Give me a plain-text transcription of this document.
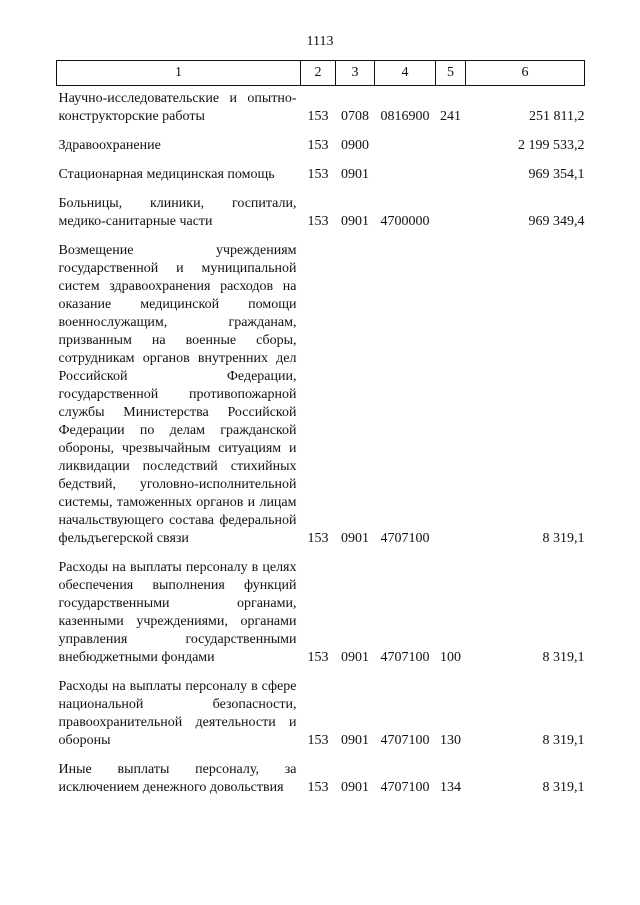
1113
1	2	3	4	5	6
Научно-исследовательские и опытно-конструкторские работы	153	0708	0816900	241	251 811,2
Здравоохранение	153	0900			2 199 533,2
Стационарная медицинская помощь	153	0901			969 354,1
Больницы, клиники, госпитали, медико-санитарные части	153	0901	4700000		969 349,4
Возмещение учреждениям государственной и муниципальной систем здравоохранения расходов на оказание медицинской помощи военнослужащим, гражданам, призванным на военные сборы, сотрудникам органов внутренних дел Российской Федерации, государственной противопожарной службы Министерства Российской Федерации по делам гражданской обороны, чрезвычайным ситуациям и ликвидации последствий стихийных бедствий, уголовно-исполнительной системы, таможенных органов и лицам начальствующего состава федеральной фельдъегерской связи	153	0901	4707100		8 319,1
Расходы на выплаты персоналу в целях обеспечения выполнения функций государственными органами, казенными учреждениями, органами управления государственными внебюджетными фондами	153	0901	4707100	100	8 319,1
Расходы на выплаты персоналу в сфере национальной безопасности, правоохранительной деятельности и обороны	153	0901	4707100	130	8 319,1
Иные выплаты персоналу, за исключением денежного довольствия	153	0901	4707100	134	8 319,1
